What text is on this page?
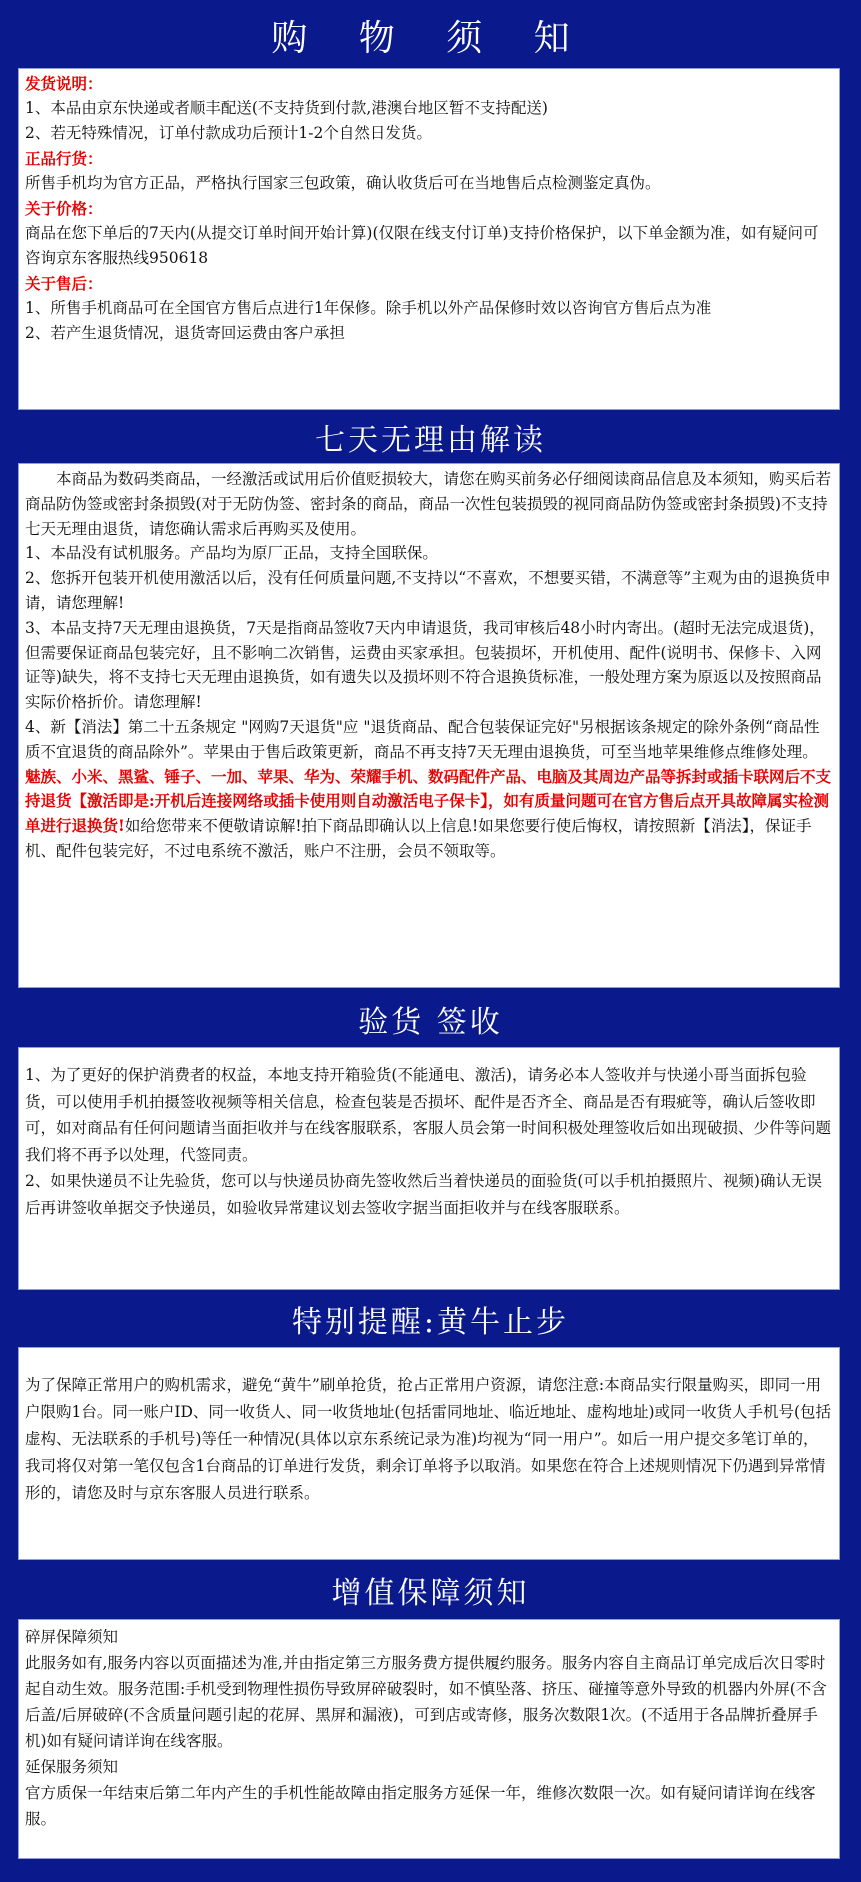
购 物 须 知

发货说明：

1、本品由京东快递或者顺丰配送(不支持货到付款,港澳台地区暂不支持配送)

2、若无特殊情况，订单付款成功后预计1-2个自然日发货。

正品行货：

所售手机均为官方正品，严格执行国家三包政策，确认收货后可在当地售后点检测鉴定真伪。

关于价格：

商品在您下单后的7天内(从提交订单时间开始计算)(仅限在线支付订单)支持价格保护，以下单金额为准，如有疑问可咨询京东客服热线950618

关于售后：

1、所售手机商品可在全国官方售后点进行1年保修。除手机以外产品保修时效以咨询官方售后点为准

2、若产生退货情况，退货寄回运费由客户承担

七天无理由解读

本商品为数码类商品，一经激活或试用后价值贬损较大，请您在购买前务必仔细阅读商品信息及本须知，购买后若商品防伪签或密封条损毁(对于无防伪签、密封条的商品，商品一次性包装损毁的视同商品防伪签或密封条损毁)不支持七天无理由退货，请您确认需求后再购买及使用。

1、本品没有试机服务。产品均为原厂正品，支持全国联保。

2、您拆开包装开机使用激活以后，没有任何质量问题,不支持以“不喜欢，不想要买错，不满意等”主观为由的退换货申请，请您理解!

3、本品支持7天无理由退换货，7天是指商品签收7天内申请退货，我司审核后48小时内寄出。(超时无法完成退货)，但需要保证商品包装完好，且不影响二次销售，运费由买家承担。包装损坏，开机使用、配件(说明书、保修卡、入网证等)缺失，将不支持七天无理由退换货，如有遗失以及损坏则不符合退换货标准，一般处理方案为原返以及按照商品实际价格折价。请您理解!

4、新【消法】第二十五条规定 "网购7天退货"应 "退货商品、配合包装保证完好"另根据该条规定的除外条例“商品性质不宜退货的商品除外”。苹果由于售后政策更新，商品不再支持7天无理由退换货，可至当地苹果维修点维修处理。魅族、小米、黑鲨、锤子、一加、苹果、华为、荣耀手机、数码配件产品、电脑及其周边产品等拆封或插卡联网后不支持退货【激活即是:开机后连接网络或插卡使用则自动激活电子保卡】，如有质量问题可在官方售后点开具故障属实检测单进行退换货!如给您带来不便敬请谅解!拍下商品即确认以上信息!如果您要行使后悔权，请按照新【消法】，保证手机、配件包装完好，不过电系统不激活，账户不注册，会员不领取等。

验货 签收

1、为了更好的保护消费者的权益，本地支持开箱验货(不能通电、激活)，请务必本人签收并与快递小哥当面拆包验货，可以使用手机拍摄签收视频等相关信息，检查包装是否损坏、配件是否齐全、商品是否有瑕疵等，确认后签收即可，如对商品有任何问题请当面拒收并与在线客服联系，客服人员会第一时间积极处理签收后如出现破损、少件等问题我们将不再予以处理，代签同责。

2、如果快递员不让先验货，您可以与快递员协商先签收然后当着快递员的面验货(可以手机拍摄照片、视频)确认无误后再讲签收单据交予快递员，如验收异常建议划去签收字据当面拒收并与在线客服联系。

特别提醒:黄牛止步

为了保障正常用户的购机需求，避免“黄牛”刷单抢货，抢占正常用户资源，请您注意:本商品实行限量购买，即同一用户限购1台。同一账户ID、同一收货人、同一收货地址(包括雷同地址、临近地址、虚构地址)或同一收货人手机号(包括虚构、无法联系的手机号)等任一种情况(具体以京东系统记录为准)均视为“同一用户”。如后一用户提交多笔订单的，我司将仅对第一笔仅包含1台商品的订单进行发货，剩余订单将予以取消。如果您在符合上述规则情况下仍遇到异常情形的，请您及时与京东客服人员进行联系。

增值保障须知

碎屏保障须知

此服务如有,服务内容以页面描述为准,并由指定第三方服务费方提供履约服务。服务内容自主商品订单完成后次日零时起自动生效。服务范围:手机受到物理性损伤导致屏碎破裂时，如不慎坠落、挤压、碰撞等意外导致的机器内外屏(不含后盖/后屏破碎(不含质量问题引起的花屏、黑屏和漏液)，可到店或寄修，服务次数限1次。(不适用于各品牌折叠屏手机)如有疑问请详询在线客服。

延保服务须知

官方质保一年结束后第二年内产生的手机性能故障由指定服务方延保一年，维修次数限一次。如有疑问请详询在线客服。
